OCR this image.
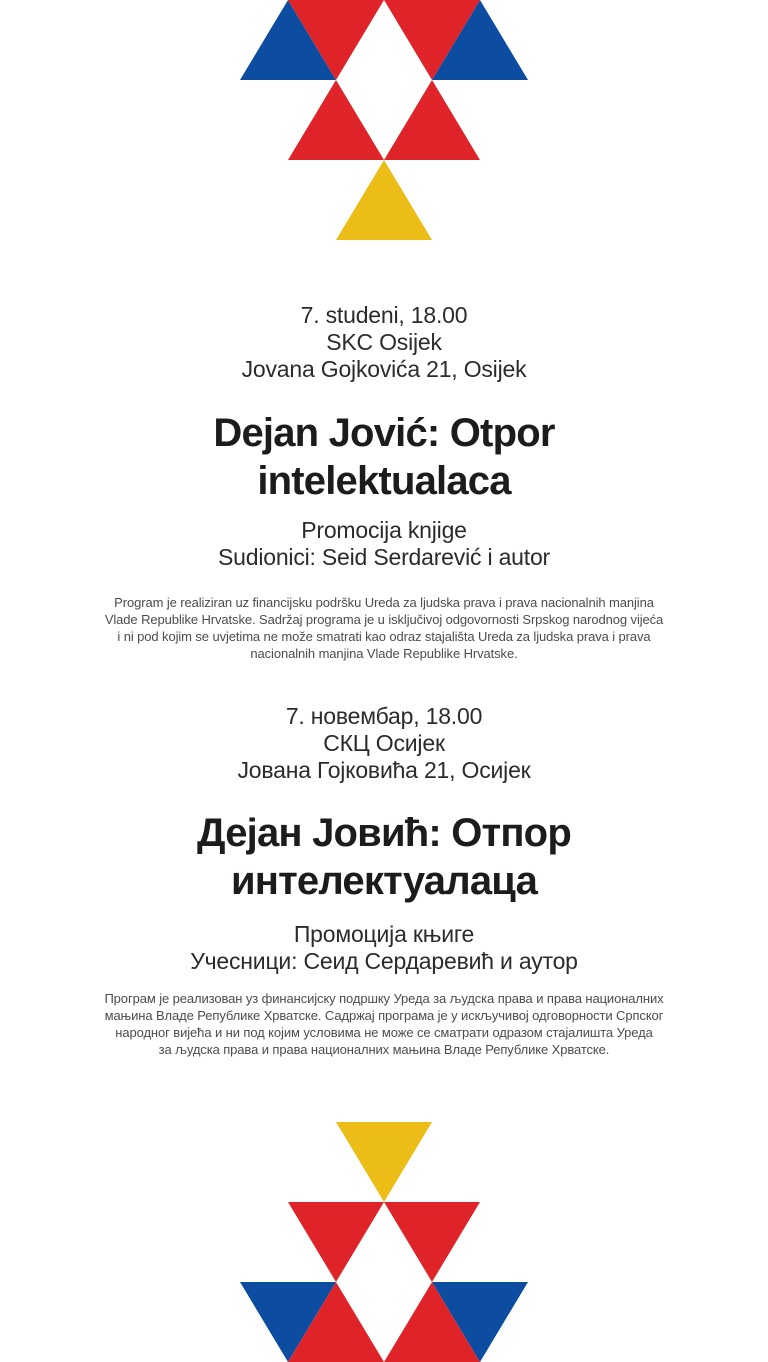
7. studeni, 18.00
SKC Osijek
Jovana Gojkovića 21, Osijek
Dejan Jović: Otpor
intelektualaca
Promocija knjige
Sudionici: Seid Serdarević i autor
Program je realiziran uz financijsku podršku Ureda za ljudska prava i prava nacionalnih manjina
Vlade Republike Hrvatske. Sadržaj programa je u isključivoj odgovornosti Srpskog narodnog vijeća
i ni pod kojim se uvjetima ne može smatrati kao odraz stajališta Ureda za ljudska prava i prava
nacionalnih manjina Vlade Republike Hrvatske.
7. новембар, 18.00
СКЦ Осијек
Јована Гојковића 21, Осијек
Дејан Јовић: Отпор
интелектуалаца
Промоција књиге
Учесници: Сеид Сердаревић и аутор
Програм је реализован уз финансијску подршку Уреда за људска права и права националних
мањина Владе Републике Хрватске. Садржај програма је у искључивој одговорности Српског
народног вијећа и ни под којим условима не може се сматрати одразом стајалишта Уреда
за људска права и права националних мањина Владе Републике Хрватске.
